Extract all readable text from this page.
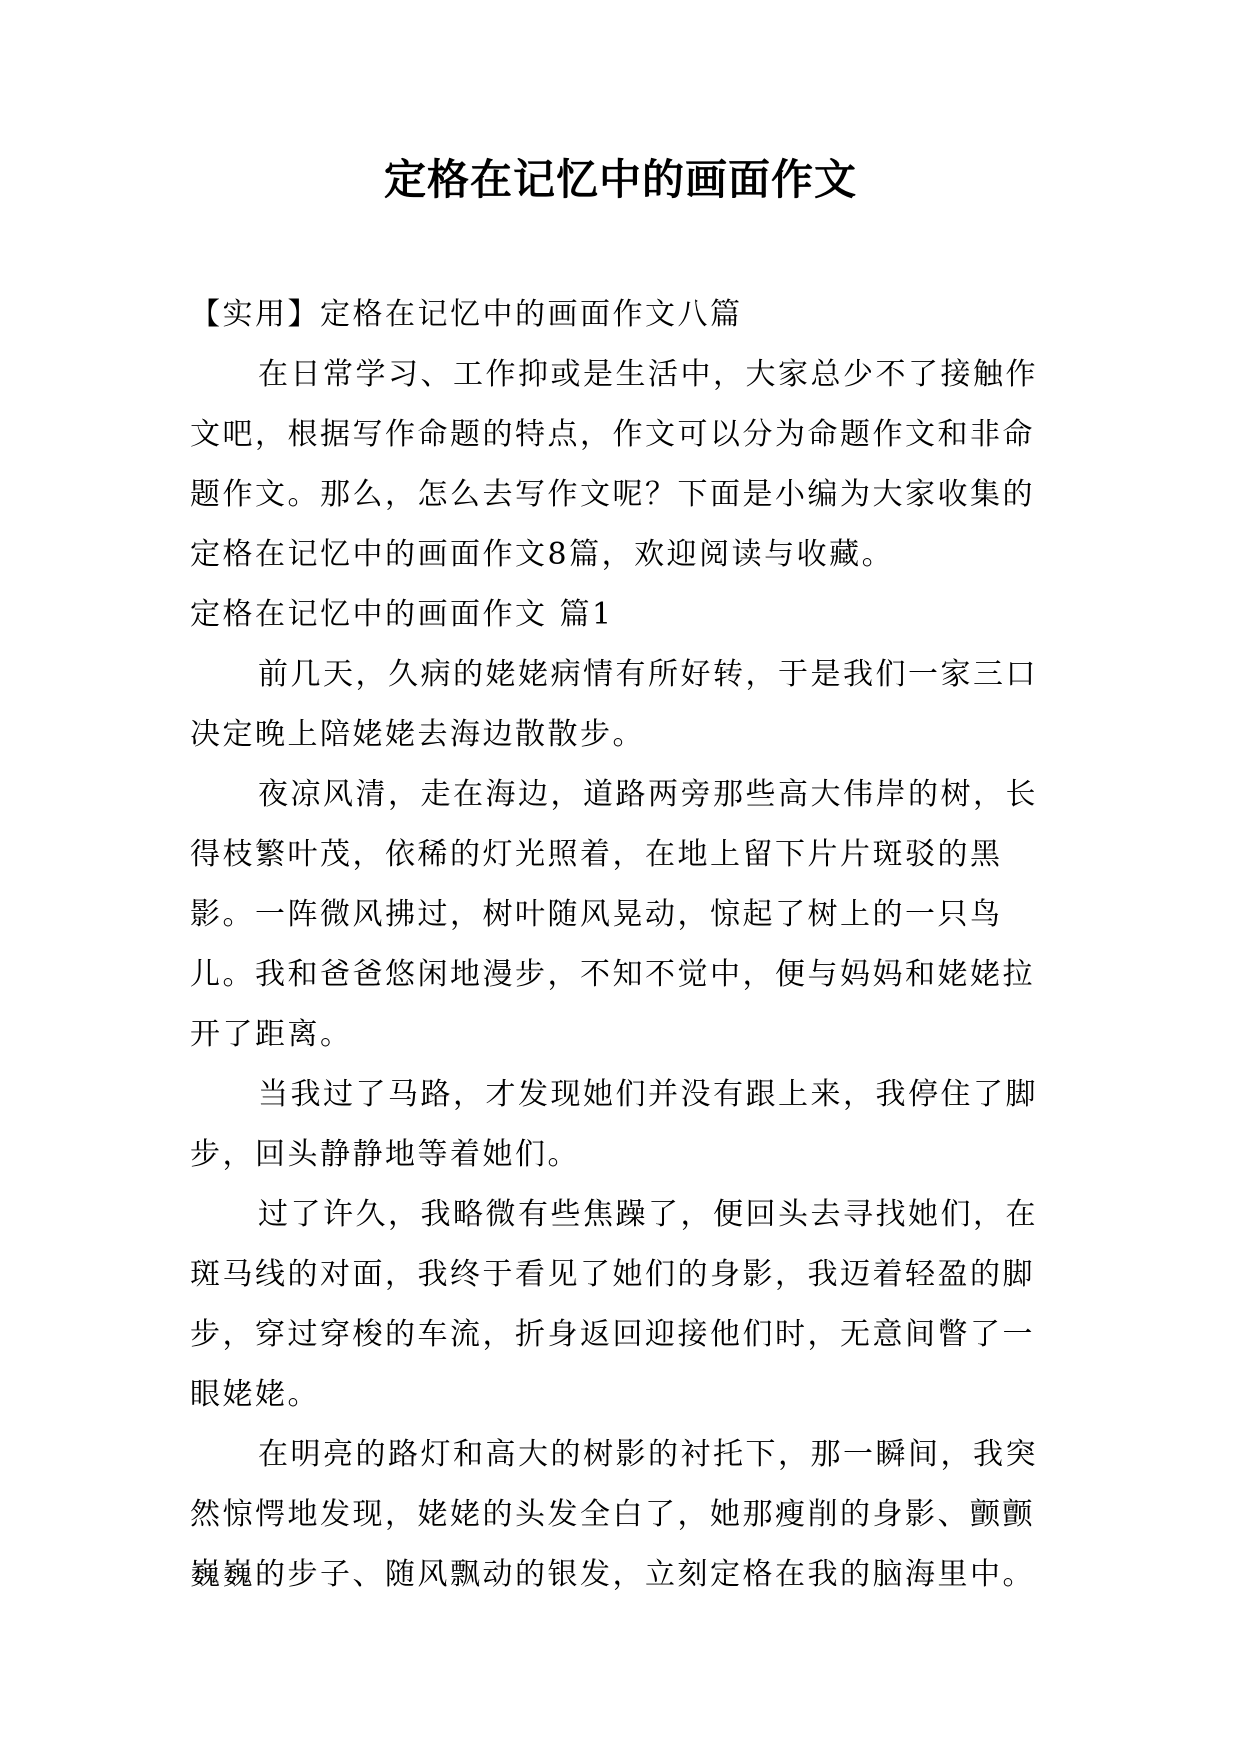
定格在记忆中的画面作文

【实用】定格在记忆中的画面作文八篇

在日常学习、工作抑或是生活中，大家总少不了接触作文吧，根据写作命题的特点，作文可以分为命题作文和非命题作文。那么，怎么去写作文呢？下面是小编为大家收集的定格在记忆中的画面作文8篇，欢迎阅读与收藏。

定格在记忆中的画面作文 篇1

前几天，久病的姥姥病情有所好转，于是我们一家三口决定晚上陪姥姥去海边散散步。

夜凉风清，走在海边，道路两旁那些高大伟岸的树，长得枝繁叶茂，依稀的灯光照着，在地上留下片片斑驳的黑影。一阵微风拂过，树叶随风晃动，惊起了树上的一只鸟儿。我和爸爸悠闲地漫步，不知不觉中，便与妈妈和姥姥拉开了距离。

当我过了马路，才发现她们并没有跟上来，我停住了脚步，回头静静地等着她们。

过了许久，我略微有些焦躁了，便回头去寻找她们，在斑马线的对面，我终于看见了她们的身影，我迈着轻盈的脚步，穿过穿梭的车流，折身返回迎接他们时，无意间瞥了一眼姥姥。

在明亮的路灯和高大的树影的衬托下，那一瞬间，我突然惊愕地发现，姥姥的头发全白了，她那瘦削的身影、颤颤巍巍的步子、随风飘动的银发，立刻定格在我的脑海里中。
